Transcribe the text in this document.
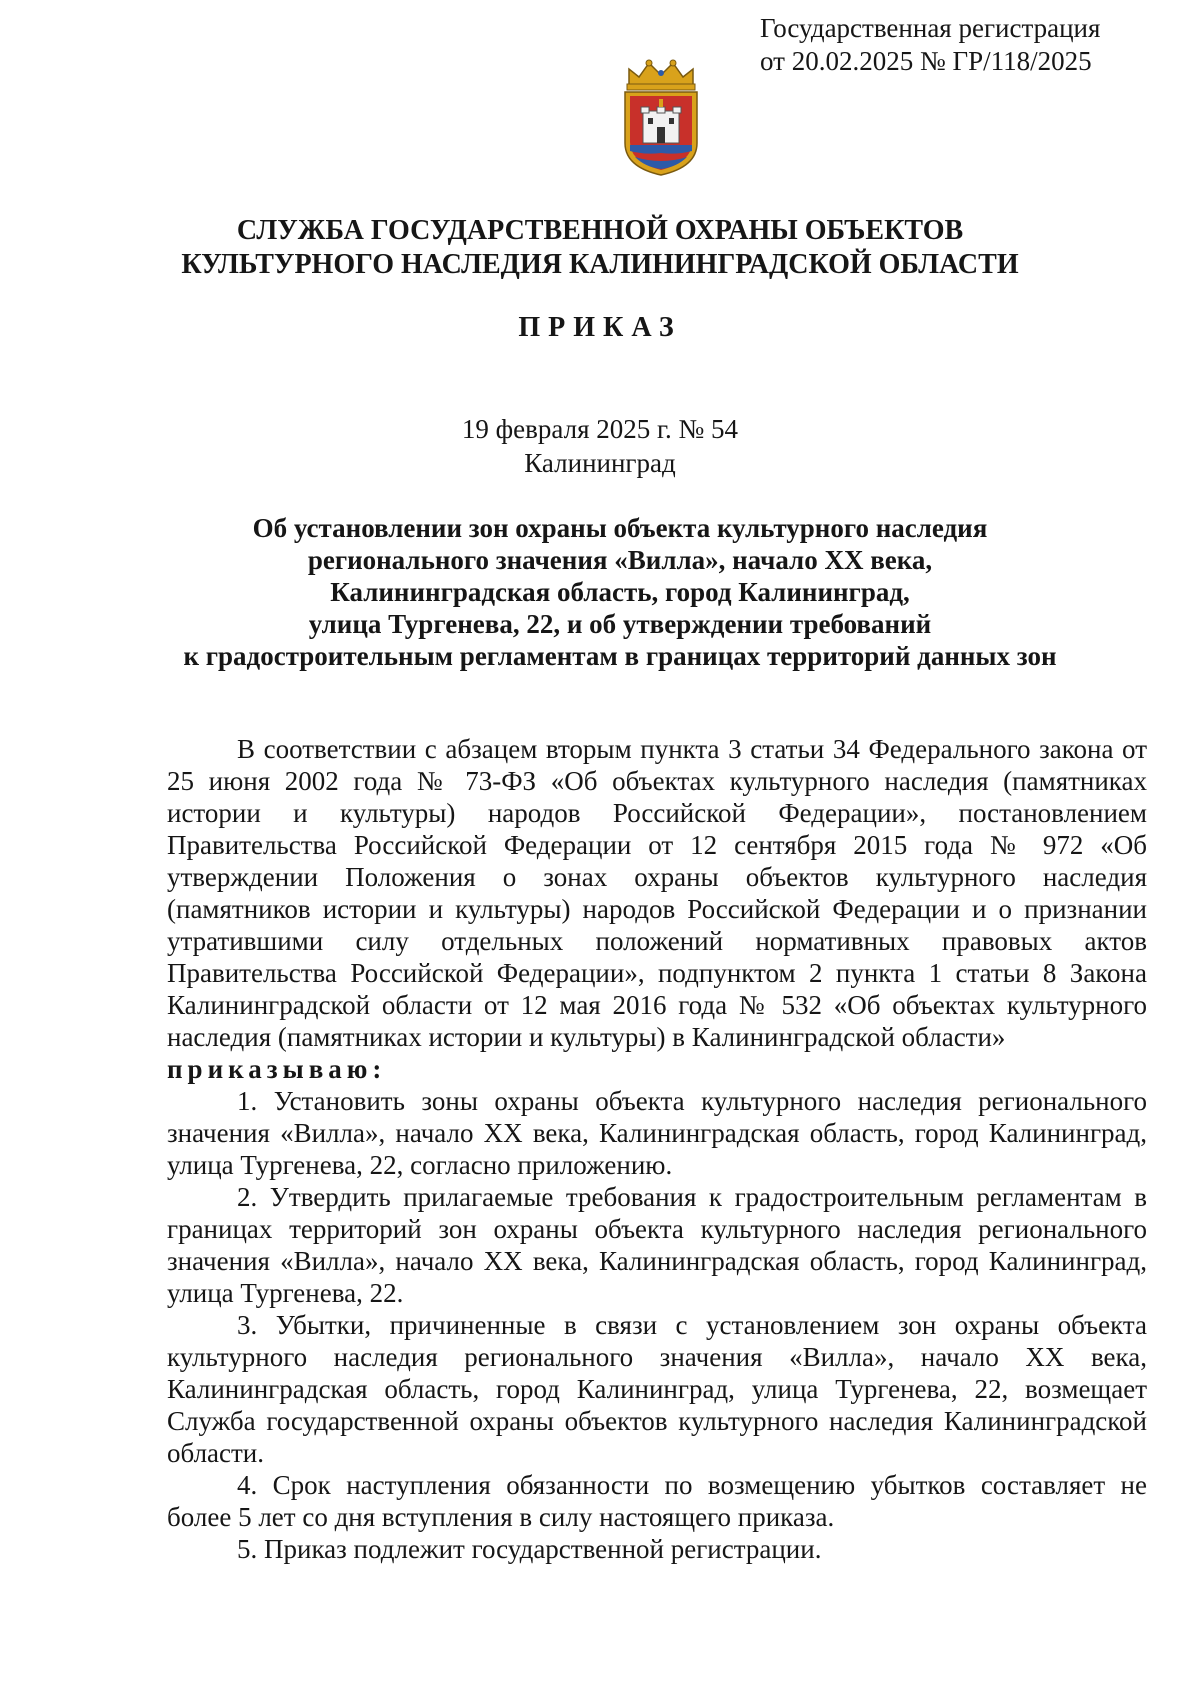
Государственная регистрация
от 20.02.2025 № ГР/118/2025
СЛУЖБА ГОСУДАРСТВЕННОЙ ОХРАНЫ ОБЪЕКТОВ
КУЛЬТУРНОГО НАСЛЕДИЯ КАЛИНИНГРАДСКОЙ ОБЛАСТИ
ПРИКАЗ
19 февраля 2025 г. № 54
Калининград
Об установлении зон охраны объекта культурного наследия
регионального значения «Вилла», начало XX века,
Калининградская область, город Калининград,
улица Тургенева, 22, и об утверждении требований
к градостроительным регламентам в границах территорий данных зон

В соответствии с абзацем вторым пункта 3 статьи 34 Федерального закона от 25 июня 2002 года № 73-ФЗ «Об объектах культурного наследия (памятниках истории и культуры) народов Российской Федерации», постановлением Правительства Российской Федерации от 12 сентября 2015 года № 972 «Об утверждении Положения о зонах охраны объектов культурного наследия (памятников истории и культуры) народов Российской Федерации и о признании утратившими силу отдельных положений нормативных правовых актов Правительства Российской Федерации», подпунктом 2 пункта 1 статьи 8 Закона Калининградской области от 12 мая 2016 года № 532 «Об объектах культурного наследия (памятниках истории и культуры) в Калининградской области»

приказываю:

1. Установить зоны охраны объекта культурного наследия регионального значения «Вилла», начало XX века, Калининградская область, город Калининград, улица Тургенева, 22, согласно приложению.

2. Утвердить прилагаемые требования к градостроительным регламентам в границах территорий зон охраны объекта культурного наследия регионального значения «Вилла», начало XX века, Калининградская область, город Калининград, улица Тургенева, 22.

3. Убытки, причиненные в связи с установлением зон охраны объекта культурного наследия регионального значения «Вилла», начало XX века, Калининградская область, город Калининград, улица Тургенева, 22, возмещает Служба государственной охраны объектов культурного наследия Калининградской области.

4. Срок наступления обязанности по возмещению убытков составляет не более 5 лет со дня вступления в силу настоящего приказа.

5. Приказ подлежит государственной регистрации.
